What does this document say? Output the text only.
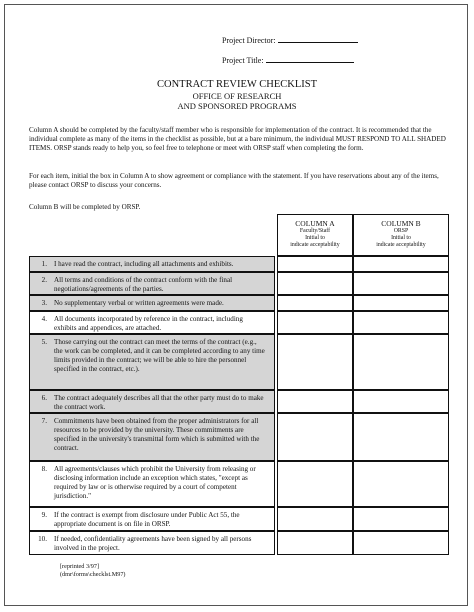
Project Director:
Project Title:
CONTRACT REVIEW CHECKLIST
OFFICE OF RESEARCH
AND SPONSORED PROGRAMS
Column A should be completed by the faculty/staff member who is responsible for implementation of the contract. It is recommended that the individual complete as many of the items in the checklist as possible, but at a bare minimum, the individual MUST RESPOND TO ALL SHADED ITEMS. ORSP stands ready to help you, so feel free to telephone or meet with ORSP staff when completing the form.
For each item, initial the box in Column A to show agreement or compliance with the statement. If you have reservations about any of the items, please contact ORSP to discuss your concerns.
Column B will be completed by ORSP.
COLUMN A
Faculty/Staff
Initial to
indicate acceptability
COLUMN B
ORSP
Initial to
indicate acceptability
1. I have read the contract, including all attachments and exhibits.
2. All terms and conditions of the contract conform with the final negotiations/agreements of the parties.
3. No supplementary verbal or written agreements were made.
4. All documents incorporated by reference in the contract, including exhibits and appendices, are attached.
5. Those carrying out the contract can meet the terms of the contract (e.g., the work can be completed, and it can be completed according to any time limits provided in the contract; we will be able to hire the personnel specified in the contract, etc.).
6. The contract adequately describes all that the other party must do to make the contract work.
7. Commitments have been obtained from the proper administrators for all resources to be provided by the university. These commitments are specified in the university's transmittal form which is submitted with the contract.
8. All agreements/clauses which prohibit the University from releasing or disclosing information include an exception which states, "except as required by law or is otherwise required by a court of competent jurisdiction."
9. If the contract is exempt from disclosure under Public Act 55, the appropriate document is on file in ORSP.
10. If needed, confidentiality agreements have been signed by all persons involved in the project.
[reprinted 3/97]
(dmr\forms\checklst.M97)
